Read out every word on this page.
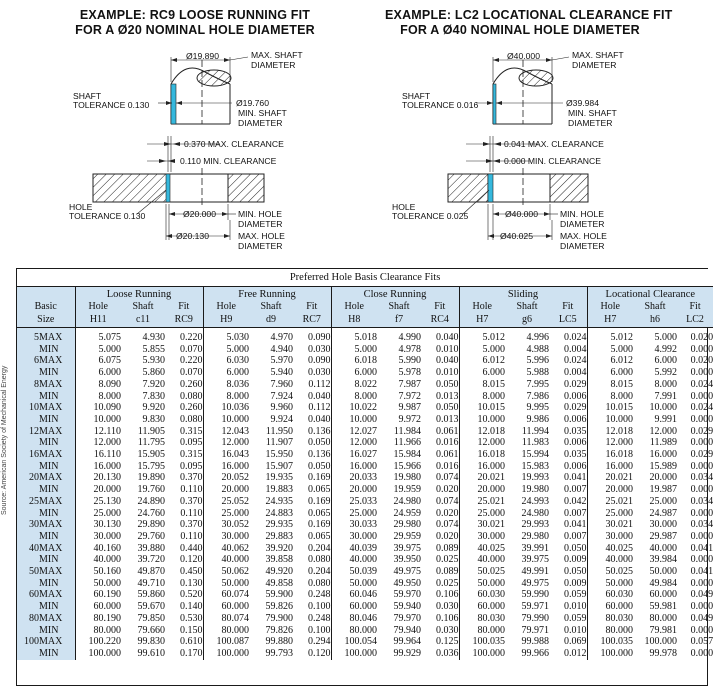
EXAMPLE: RC9 LOOSE RUNNING FIT
FOR A Ø20 NOMINAL HOLE DIAMETER
EXAMPLE: LC2 LOCATIONAL CLEARANCE FIT
FOR A Ø40 NOMINAL HOLE DIAMETER
Ø19.890	MAX. SHAFT
DIAMETER
SHAFT
TOLERANCE 0.130	Ø19.760
MIN. SHAFT
DIAMETER
0.370 MAX. CLEARANCE
0.110 MIN. CLEARANCE
HOLE
TOLERANCE 0.130	Ø20.000	MIN. HOLE
DIAMETER
Ø20.130	MAX. HOLE
DIAMETER
Ø40.000	MAX. SHAFT
DIAMETER
SHAFT
TOLERANCE 0.016	Ø39.984
MIN. SHAFT
DIAMETER
0.041 MAX. CLEARANCE
0.000 MIN. CLEARANCE
HOLE
TOLERANCE 0.025	Ø40.000	MIN. HOLE
DIAMETER
Ø40.025	MAX. HOLE
DIAMETER
Source: American Society of Mechanical Energy
Preferred Hole Basis Clearance Fits																
		Loose Running			Free Running			Close Running			Sliding			Locational Clearance		
Basic		Hole	Shaft	Fit	Hole	Shaft	Fit	Hole	Shaft	Fit	Hole	Shaft	Fit	Hole	Shaft	Fit
Size		H11	c11	RC9	H9	d9	RC7	H8	f7	RC4	H7	g6	LC5	H7	h6	LC2
5	MAX	5.075	4.930	0.220	5.030	4.970	0.090	5.018	4.990	0.040	5.012	4.996	0.024	5.012	5.000	0.020
	MIN	5.000	5.855	0.070	5.000	4.940	0.030	5.000	4.978	0.010	5.000	4.988	0.004	5.000	4.992	0.000
6	MAX	6.075	5.930	0.220	6.030	5.970	0.090	6.018	5.990	0.040	6.012	5.996	0.024	6.012	6.000	0.020
	MIN	6.000	5.860	0.070	6.000	5.940	0.030	6.000	5.978	0.010	6.000	5.988	0.004	6.000	5.992	0.000
8	MAX	8.090	7.920	0.260	8.036	7.960	0.112	8.022	7.987	0.050	8.015	7.995	0.029	8.015	8.000	0.024
	MIN	8.000	7.830	0.080	8.000	7.924	0.040	8.000	7.972	0.013	8.000	7.986	0.006	8.000	7.991	0.000
10	MAX	10.090	9.920	0.260	10.036	9.960	0.112	10.022	9.987	0.050	10.015	9.995	0.029	10.015	10.000	0.024
	MIN	10.000	9.830	0.080	10.000	9.924	0.040	10.000	9.972	0.013	10.000	9.986	0.006	10.000	9.991	0.000
12	MAX	12.110	11.905	0.315	12.043	11.950	0.136	12.027	11.984	0.061	12.018	11.994	0.035	12.018	12.000	0.029
	MIN	12.000	11.795	0.095	12.000	11.907	0.050	12.000	11.966	0.016	12.000	11.983	0.006	12.000	11.989	0.000
16	MAX	16.110	15.905	0.315	16.043	15.950	0.136	16.027	15.984	0.061	16.018	15.994	0.035	16.018	16.000	0.029
	MIN	16.000	15.795	0.095	16.000	15.907	0.050	16.000	15.966	0.016	16.000	15.983	0.006	16.000	15.989	0.000
20	MAX	20.130	19.890	0.370	20.052	19.935	0.169	20.033	19.980	0.074	20.021	19.993	0.041	20.021	20.000	0.034
	MIN	20.000	19.760	0.110	20.000	19.883	0.065	20.000	19.959	0.020	20.000	19.980	0.007	20.000	19.987	0.000
25	MAX	25.130	24.890	0.370	25.052	24.935	0.169	25.033	24.980	0.074	25.021	24.993	0.042	25.021	25.000	0.034
	MIN	25.000	24.760	0.110	25.000	24.883	0.065	25.000	24.959	0.020	25.000	24.980	0.007	25.000	24.987	0.000
30	MAX	30.130	29.890	0.370	30.052	29.935	0.169	30.033	29.980	0.074	30.021	29.993	0.041	30.021	30.000	0.034
	MIN	30.000	29.760	0.110	30.000	29.883	0.065	30.000	29.959	0.020	30.000	29.980	0.007	30.000	29.987	0.000
40	MAX	40.160	39.880	0.440	40.062	39.920	0.204	40.039	39.975	0.089	40.025	39.991	0.050	40.025	40.000	0.041
	MIN	40.000	39.720	0.120	40.000	39.858	0.080	40.000	39.950	0.025	40.000	39.975	0.009	40.000	39.984	0.000
50	MAX	50.160	49.870	0.450	50.062	49.920	0.204	50.039	49.975	0.089	50.025	49.991	0.050	50.025	50.000	0.041
	MIN	50.000	49.710	0.130	50.000	49.858	0.080	50.000	49.950	0.025	50.000	49.975	0.009	50.000	49.984	0.000
60	MAX	60.190	59.860	0.520	60.074	59.900	0.248	60.046	59.970	0.106	60.030	59.990	0.059	60.030	60.000	0.049
	MIN	60.000	59.670	0.140	60.000	59.826	0.100	60.000	59.940	0.030	60.000	59.971	0.010	60.000	59.981	0.000
80	MAX	80.190	79.850	0.530	80.074	79.900	0.248	80.046	79.970	0.106	80.030	79.990	0.059	80.030	80.000	0.049
	MIN	80.000	79.660	0.150	80.000	79.826	0.100	80.000	79.940	0.030	80.000	79.971	0.010	80.000	79.981	0.000
100	MAX	100.220	99.830	0.610	100.087	99.880	0.294	100.054	99.964	0.125	100.035	99.988	0.069	100.035	100.000	0.057
	MIN	100.000	99.610	0.170	100.000	99.793	0.120	100.000	99.929	0.036	100.000	99.966	0.012	100.000	99.978	0.000
